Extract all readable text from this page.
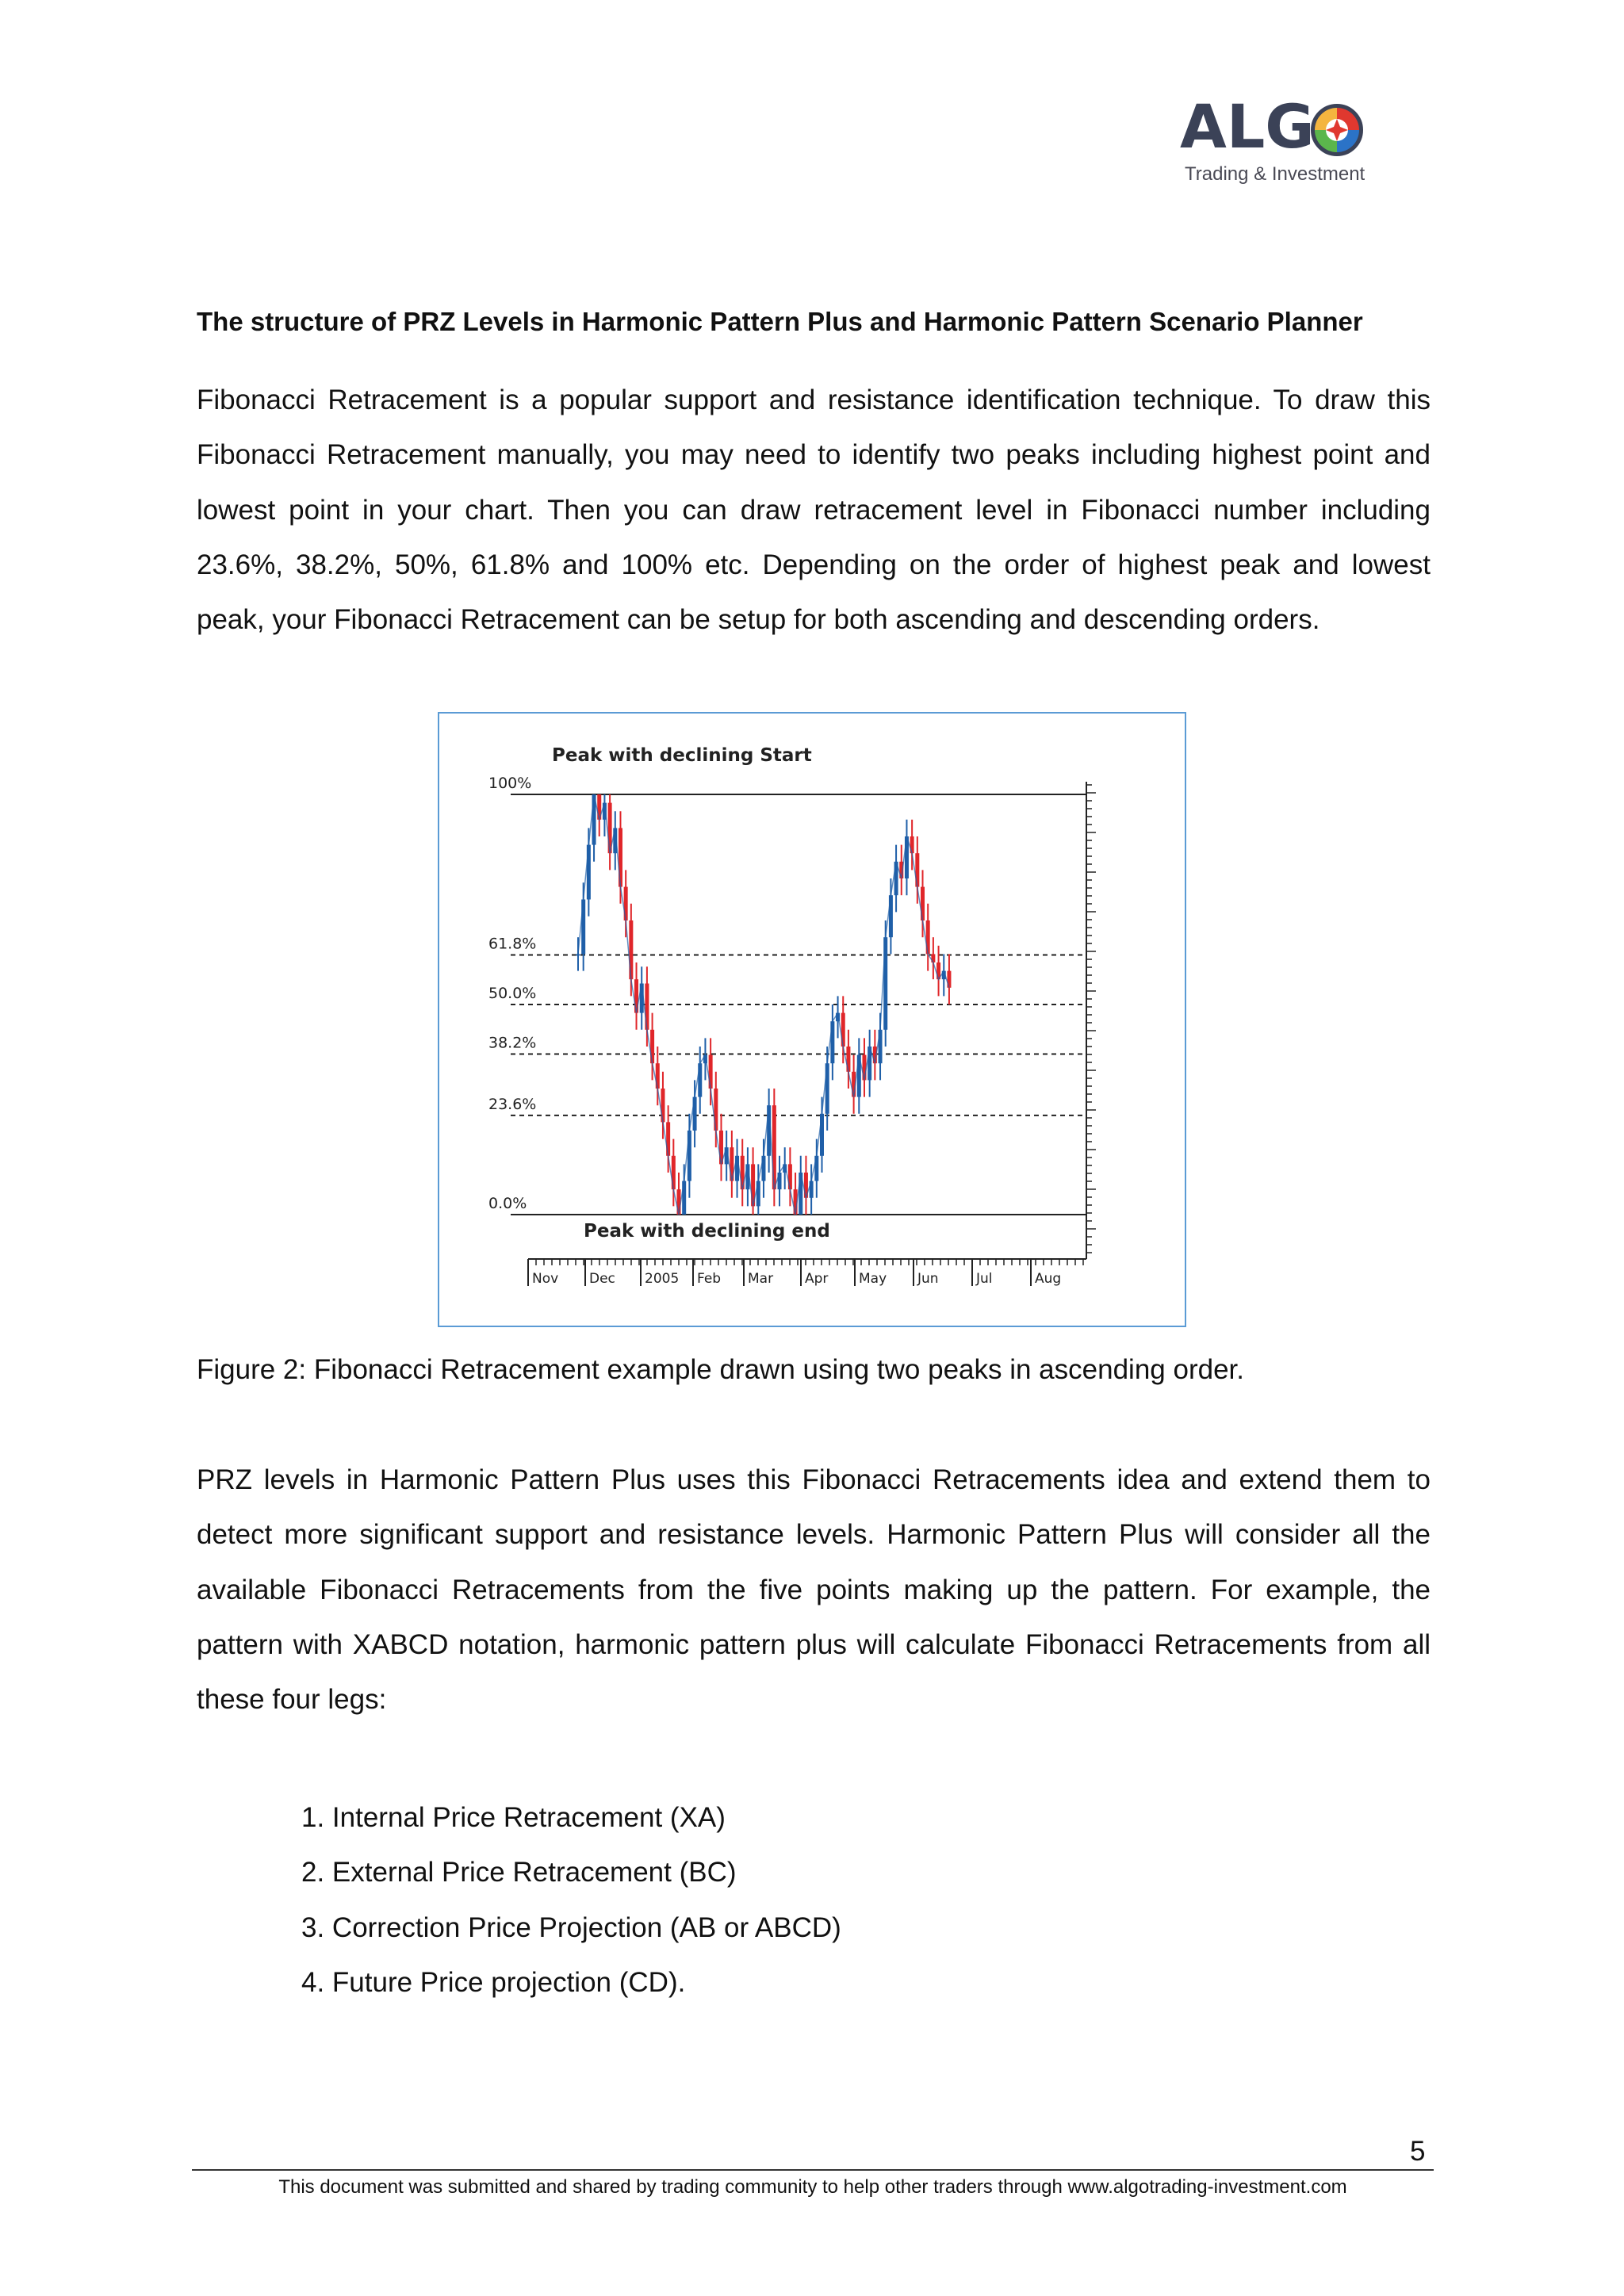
ALG
Trading & Investment
The structure of PRZ Levels in Harmonic Pattern Plus and Harmonic Pattern Scenario Planner

Fibonacci Retracement is a popular support and resistance identification technique. To draw this Fibonacci Retracement manually, you may need to identify two peaks including highest point and lowest point in your chart. Then you can draw retracement level in Fibonacci number including 23.6%, 38.2%, 50%, 61.8% and 100% etc. Depending on the order of highest peak and lowest peak, your Fibonacci Retracement can be setup for both ascending and descending orders.

100%
61.8%
50.0%
38.2%
23.6%
0.0%
Nov Dec 2005 Feb Mar Apr May Jun	Jul	Aug
Peak with declining Start
Peak with declining end

Figure 2: Fibonacci Retracement example drawn using two peaks in ascending order.

PRZ levels in Harmonic Pattern Plus uses this Fibonacci Retracements idea and extend them to detect more significant support and resistance levels. Harmonic Pattern Plus will consider all the available Fibonacci Retracements from the five points making up the pattern. For example, the pattern with XABCD notation, harmonic pattern plus will calculate Fibonacci Retracements from all these four legs:

1. Internal Price Retracement (XA)
2. External Price Retracement (BC)
3. Correction Price Projection (AB or ABCD)
4. Future Price projection (CD).
5
This document was submitted and shared by trading community to help other traders through www.algotrading-investment.com
